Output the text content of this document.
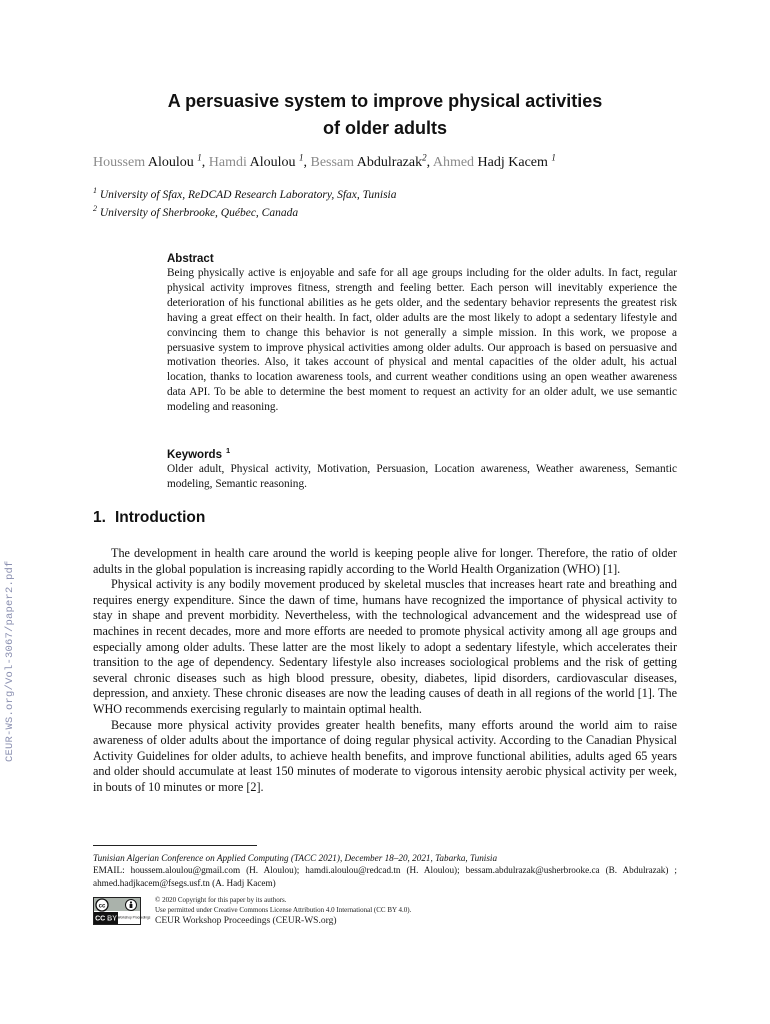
A persuasive system to improve physical activities
of older adults
Houssem Aloulou $^1$, Hamdi Aloulou $^1$, Bessam Abdulrazak$^2$, Ahmed Hadj Kacem $^1$
$^1$ University of Sfax, ReDCAD Research Laboratory, Sfax, Tunisia
$^2$ University of Sherbrooke, Québec, Canada
Abstract

Being physically active is enjoyable and safe for all age groups including for the older adults. In fact, regular physical activity improves fitness, strength and feeling better. Each person will inevitably experience the deterioration of his functional abilities as he gets older, and the sedentary behavior represents the greatest risk having a great effect on their health. In fact, older adults are the most likely to adopt a sedentary lifestyle and convincing them to change this behavior is not generally a simple mission. In this work, we propose a persuasive system to improve physical activities among older adults. Our approach is based on persuasive and motivation theories. Also, it takes account of physical and mental capacities of the older adult, his actual location, thanks to location awareness tools, and current weather conditions using an open weather awareness data API. To be able to determine the best moment to request an activity for an older adult, we use semantic modeling and reasoning.

Keywords $^1$

Older adult, Physical activity, Motivation, Persuasion, Location awareness, Weather awareness, Semantic modeling, Semantic reasoning.

1. Introduction

The development in health care around the world is keeping people alive for longer. Therefore, the ratio of older adults in the global population is increasing rapidly according to the World Health Organization (WHO) [1].

Physical activity is any bodily movement produced by skeletal muscles that increases heart rate and breathing and requires energy expenditure. Since the dawn of time, humans have recognized the importance of physical activity to stay in shape and prevent morbidity. Nevertheless, with the technological advancement and the widespread use of machines in recent decades, more and more efforts are needed to promote physical activity among all age groups and especially among older adults. These latter are the most likely to adopt a sedentary lifestyle, which accelerates their transition to the age of dependency. Sedentary lifestyle also increases sociological problems and the risk of getting several chronic diseases such as high blood pressure, obesity, diabetes, lipid disorders, cardiovascular diseases, depression, and anxiety. These chronic diseases are now the leading causes of death in all regions of the world [1]. The WHO recommends exercising regularly to maintain optimal health.

Because more physical activity provides greater health benefits, many efforts around the world aim to raise awareness of older adults about the importance of doing regular physical activity. According to the Canadian Physical Activity Guidelines for older adults, to achieve health benefits, and improve functional abilities, adults aged 65 years and older should accumulate at least 150 minutes of moderate to vigorous intensity aerobic physical activity per week, in bouts of 10 minutes or more [2].

CEUR-WS.org/Vol-3067/paper2.pdf
Tunisian Algerian Conference on Applied Computing (TACC 2021), December 18–20, 2021, Tabarka, Tunisia
EMAIL: houssem.aloulou@gmail.com (H. Aloulou); hamdi.aloulou@redcad.tn (H. Aloulou); bessam.abdulrazak@usherbrooke.ca (B. Abdulrazak) ; ahmed.hadjkacem@fsegs.usf.tn (A. Hadj Kacem)
cc
CC BY
CEUR Workshop Proceedings
© 2020 Copyright for this paper by its authors.
Use permitted under Creative Commons License Attribution 4.0 International (CC BY 4.0).
CEUR Workshop Proceedings (CEUR-WS.org)
